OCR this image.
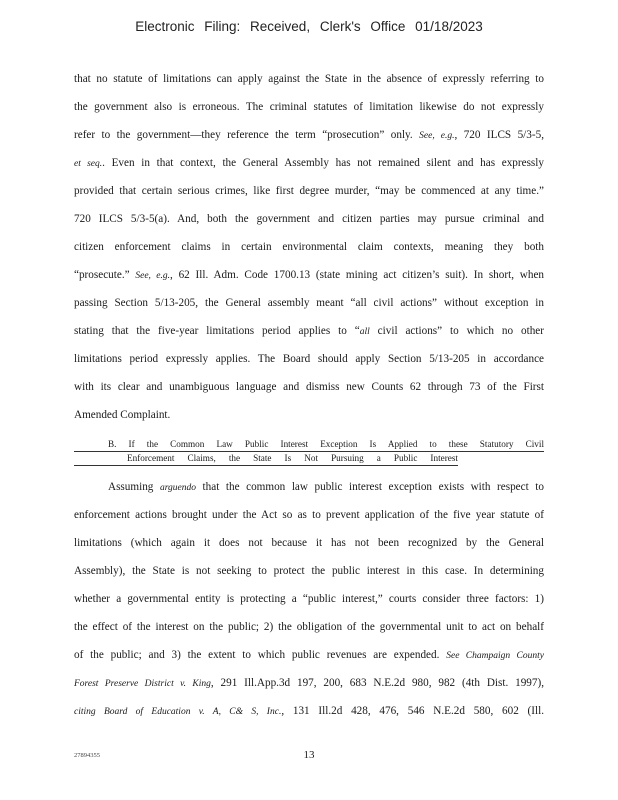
Electronic Filing: Received, Clerk's Office 01/18/2023
that no statute of limitations can apply against the State in the absence of expressly referring to
the government also is erroneous. The criminal statutes of limitation likewise do not expressly
refer to the government—they reference the term “prosecution” only. See, e.g., 720 ILCS 5/3-5,
et seq.. Even in that context, the General Assembly has not remained silent and has expressly
provided that certain serious crimes, like first degree murder, “may be commenced at any time.”
720 ILCS 5/3-5(a). And, both the government and citizen parties may pursue criminal and
citizen enforcement claims in certain environmental claim contexts, meaning they both
“prosecute.” See, e.g., 62 Ill. Adm. Code 1700.13 (state mining act citizen’s suit). In short, when
passing Section 5/13-205, the General assembly meant “all civil actions” without exception in
stating that the five-year limitations period applies to “all civil actions” to which no other
limitations period expressly applies. The Board should apply Section 5/13-205 in accordance
with its clear and unambiguous language and dismiss new Counts 62 through 73 of the First
Amended Complaint.
B. If the Common Law Public Interest Exception Is Applied to these Statutory Civil
Enforcement Claims, the State Is Not Pursuing a Public Interest
Assuming arguendo that the common law public interest exception exists with respect to
enforcement actions brought under the Act so as to prevent application of the five year statute of
limitations (which again it does not because it has not been recognized by the General
Assembly), the State is not seeking to protect the public interest in this case. In determining
whether a governmental entity is protecting a “public interest,” courts consider three factors: 1)
the effect of the interest on the public; 2) the obligation of the governmental unit to act on behalf
of the public; and 3) the extent to which public revenues are expended. See Champaign County
Forest Preserve District v. King, 291 Ill.App.3d 197, 200, 683 N.E.2d 980, 982 (4th Dist. 1997),
citing Board of Education v. A, C& S, Inc., 131 Ill.2d 428, 476, 546 N.E.2d 580, 602 (Ill.
27894355	13
